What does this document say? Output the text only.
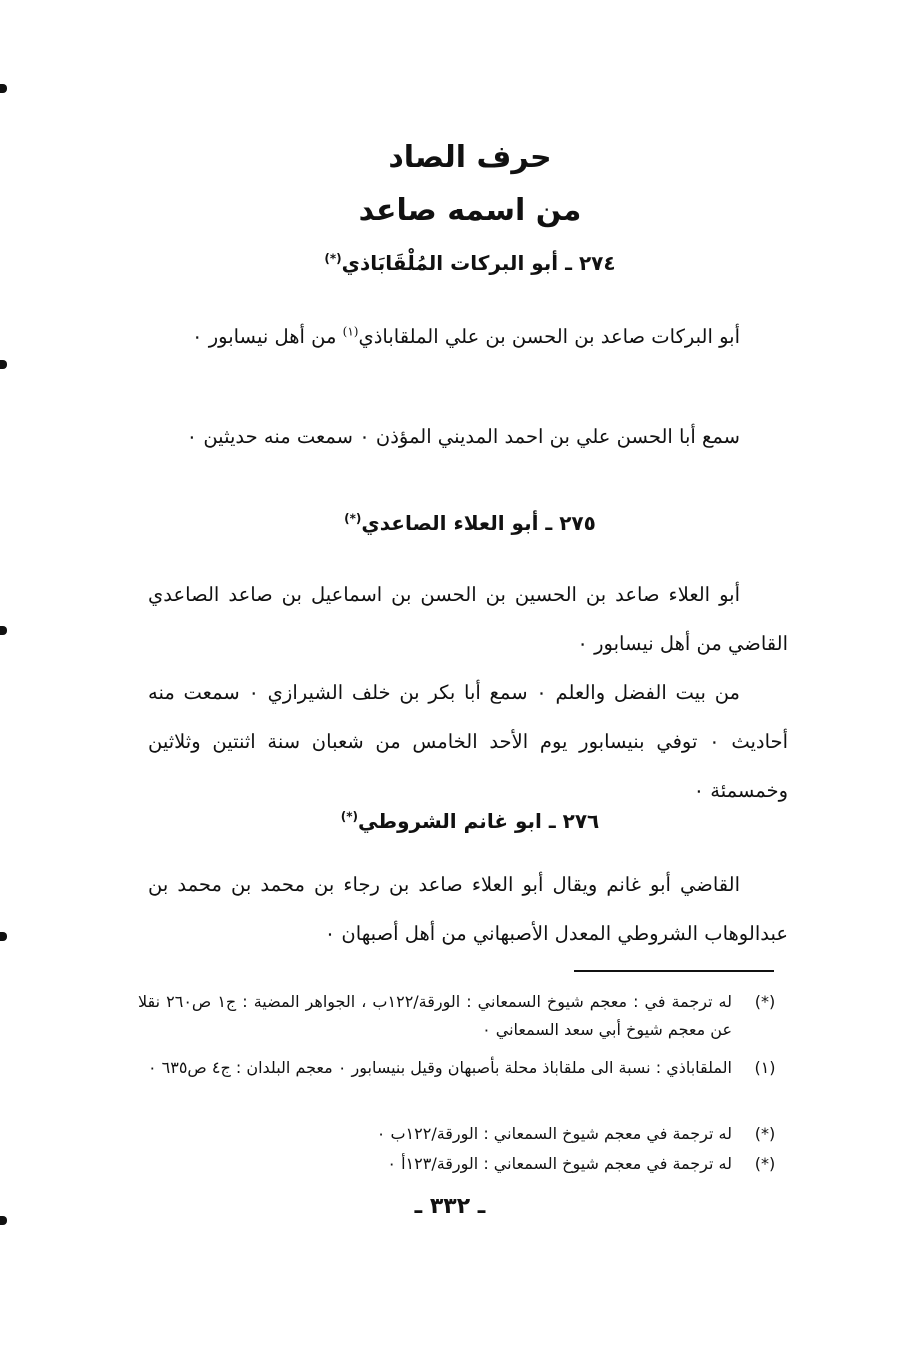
حرف الصاد
من اسمه صاعد
٢٧٤ ـ أبو البركات المُلْقَابَاذي(*)

أبو البركات صاعد بن الحسن بن علي الملقاباذي$^{(١)}$ من أهل نيسابور ٠

سمع أبا الحسن علي بن احمد المديني المؤذن ٠ سمعت منه حديثين ٠

٢٧٥ ـ أبو العلاء الصاعدي(*)

أبو العلاء صاعد بن الحسين بن الحسن بن اسماعيل بن صاعد الصاعدي القاضي من أهل نيسابور ٠

من بيت الفضل والعلم ٠ سمع أبا بكر بن خلف الشيرازي ٠ سمعت منه أحاديث ٠ توفي بنيسابور يوم الأحد الخامس من شعبان سنة اثنتين وثلاثين وخمسمئة ٠

٢٧٦ ـ ابو غانم الشروطي(*)

القاضي أبو غانم ويقال أبو العلاء صاعد بن رجاء بن محمد بن محمد بن عبدالوهاب الشروطي المعدل الأصبهاني من أهل أصبهان ٠

(*)
له ترجمة في : معجم شيوخ السمعاني : الورقة/١٢٢ب ، الجواهر المضية : ج١ ص٢٦٠ نقلا عن معجم شيوخ أبي سعد السمعاني ٠
(١)
الملقاباذي : نسبة الى ملقاباذ محلة بأصبهان وقيل بنيسابور ٠ معجم البلدان : ج٤ ص٦٣٥ ٠
(*)
له ترجمة في معجم شيوخ السمعاني : الورقة/١٢٢ب ٠
(*)
له ترجمة في معجم شيوخ السمعاني : الورقة/١٢٣أ ٠

ـ ٣٣٢ ـ
